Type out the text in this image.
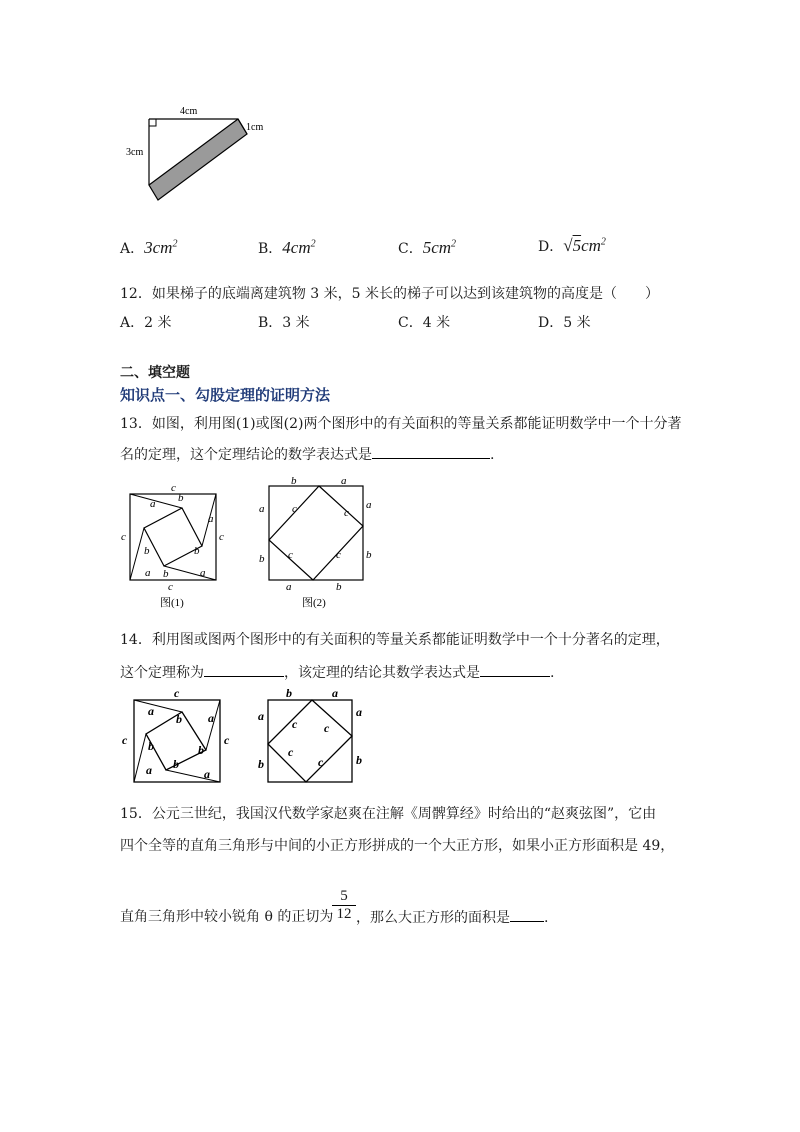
4cm
3cm
1cm
A．$3cm^2$	B．$4cm^2$	C．$5cm^2$	D．$√5cm^2$
12．如果梯子的底端离建筑物 3 米，5 米长的梯子可以达到该建筑物的高度是（　　）
A．2 米	B．3 米	C．4 米	D．5 米
二、填空题
知识点一、勾股定理的证明方法
13．如图，利用图(1)或图(2)两个图形中的有关面积的等量关系都能证明数学中一个十分著
名的定理，这个定理结论的数学表达式是	.
c
c	c
c
a b
a
b
a
b
a
b
图(1)
b	a
a
b
a
b
a	b
c	c
c	c
图(2)
14．利用图或图两个图形中的有关面积的等量关系都能证明数学中一个十分著名的定理，
这个定理称为	，该定理的结论其数学表达式是	.
c
c	c
a
b a
b	b
a b
a
b	a
a
b
a
b
c c
c
c
15．公元三世纪，我国汉代数学家赵爽在注解《周髀算经》时给出的“赵爽弦图”，它由
四个全等的直角三角形与中间的小正方形拼成的一个大正方形，如果小正方形面积是 49，
5
12
直角三角形中较小锐角 θ 的正切为 ，那么大正方形的面积是 .
